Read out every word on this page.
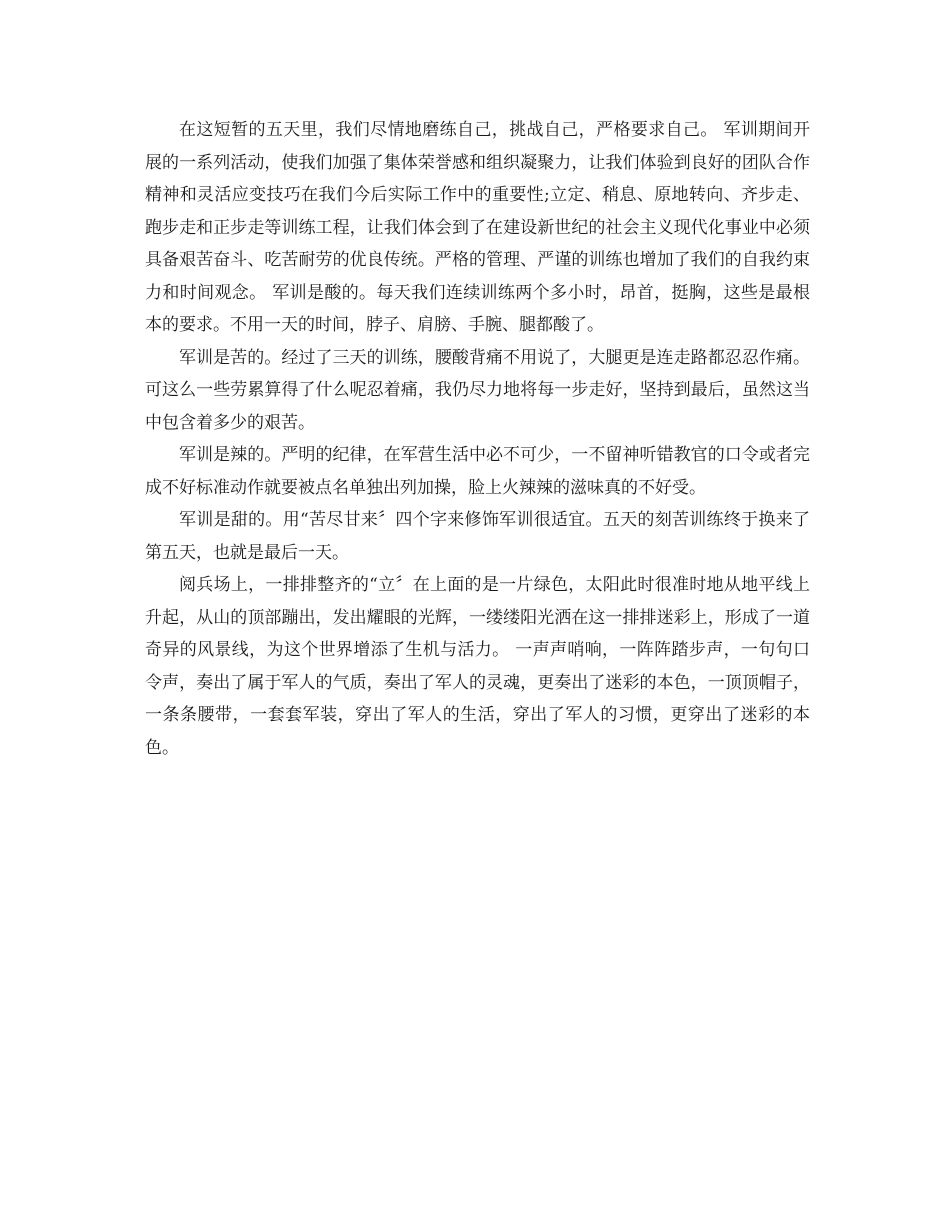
在这短暂的五天里，我们尽情地磨练自己，挑战自己，严格要求自己。 军训期间开展的一系列活动，使我们加强了集体荣誉感和组织凝聚力，让我们体验到良好的团队合作精神和灵活应变技巧在我们今后实际工作中的重要性;立定、稍息、原地转向、齐步走、跑步走和正步走等训练工程，让我们体会到了在建设新世纪的社会主义现代化事业中必须具备艰苦奋斗、吃苦耐劳的优良传统。严格的管理、严谨的训练也增加了我们的自我约束力和时间观念。 军训是酸的。每天我们连续训练两个多小时，昂首，挺胸，这些是最根本的要求。不用一天的时间，脖子、肩膀、手腕、腿都酸了。

军训是苦的。经过了三天的训练，腰酸背痛不用说了，大腿更是连走路都忍忍作痛。可这么一些劳累算得了什么呢忍着痛，我仍尽力地将每一步走好，坚持到最后，虽然这当中包含着多少的艰苦。

军训是辣的。严明的纪律，在军营生活中必不可少，一不留神听错教官的口令或者完成不好标准动作就要被点名单独出列加操，脸上火辣辣的滋味真的不好受。

军训是甜的。用“苦尽甘来〞四个字来修饰军训很适宜。五天的刻苦训练终于换来了第五天，也就是最后一天。

阅兵场上，一排排整齐的“立〞在上面的是一片绿色，太阳此时很准时地从地平线上升起，从山的顶部蹦出，发出耀眼的光辉，一缕缕阳光洒在这一排排迷彩上，形成了一道奇异的风景线，为这个世界增添了生机与活力。 一声声哨响，一阵阵踏步声，一句句口令声，奏出了属于军人的气质，奏出了军人的灵魂，更奏出了迷彩的本色，一顶顶帽子，一条条腰带，一套套军装，穿出了军人的生活，穿出了军人的习惯，更穿出了迷彩的本色。
